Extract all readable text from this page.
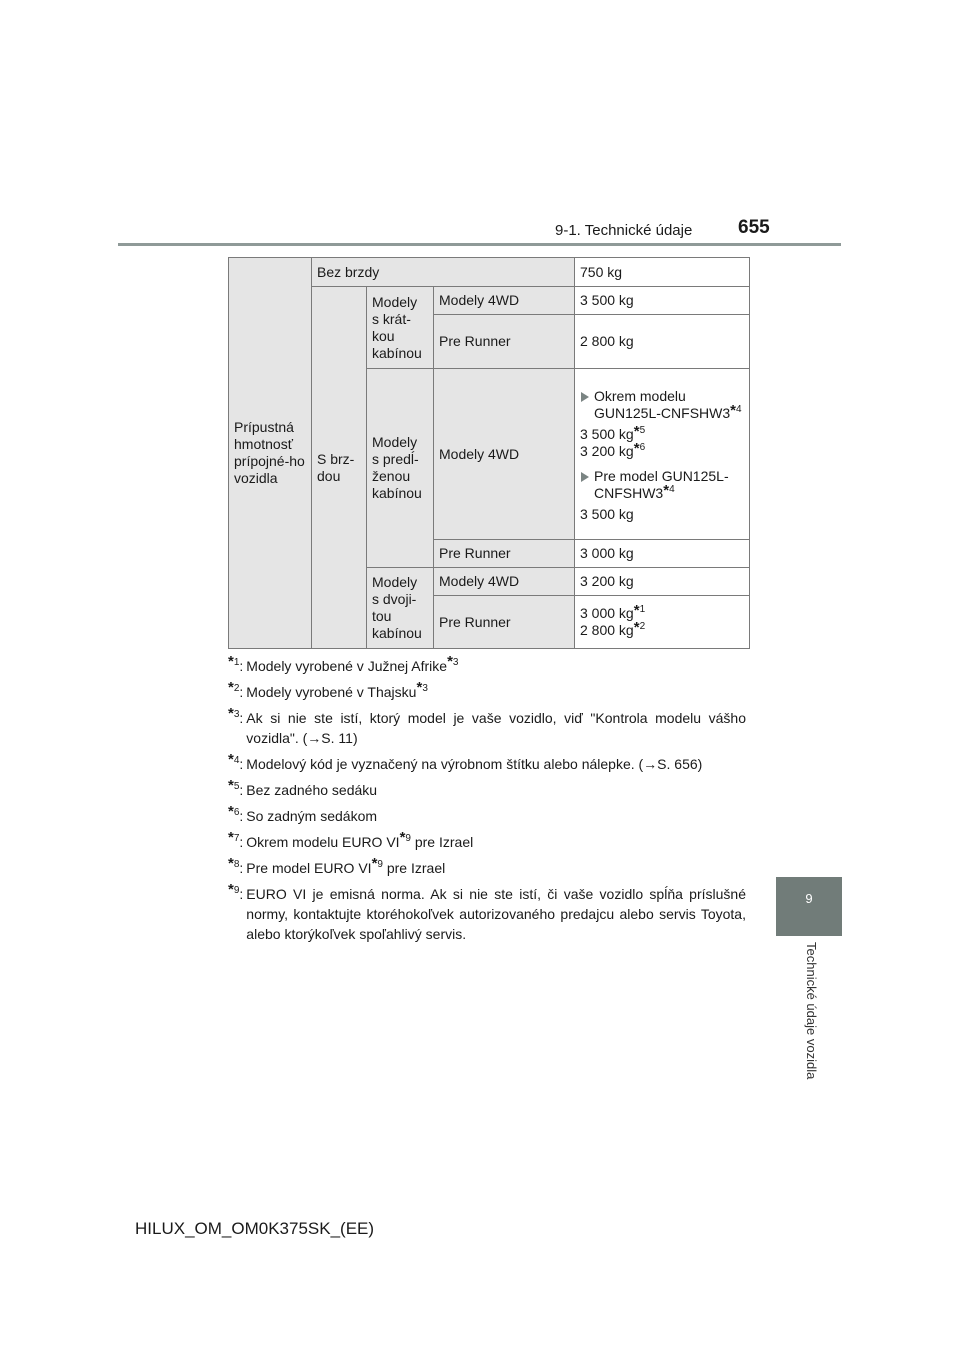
9-1. Technické údaje 655
9
Technické údaje vozidla
Prípustná hmotnosť prípojné-ho vozidla	Bez brzdy			750 kg
	S brz-dou	Modely s krát-kou kabínou	Modely 4WD	3 500 kg
			Pre Runner	2 800 kg
		Modely s predĺ-ženou kabínou	Modely 4WD	Okrem modelu GUN125L-CNFSHW3*$^4$

3 500 kg*$^5$

3 200 kg*$^6$

Pre model GUN125L-CNFSHW3*$^4$

3 500 kg

			Pre Runner	3 000 kg
		Modely s dvoji-tou kabínou	Modely 4WD	3 200 kg
			Pre Runner	3 000 kg*$^1$
2 800 kg*$^2$
*$^1$: Modely vyrobené v Južnej Afrike*$^3$
*$^2$: Modely vyrobené v Thajsku*$^3$
*$^3$: Ak si nie ste istí, ktorý model je vaše vozidlo, viď "Kontrola modelu vášho vozidla". (→S. 11)
*$^4$: Modelový kód je vyznačený na výrobnom štítku alebo nálepke. (→S. 656)
*$^5$: Bez zadného sedáku
*$^6$: So zadným sedákom
*$^7$: Okrem modelu EURO VI*$^9$ pre Izrael
*$^8$: Pre model EURO VI*$^9$ pre Izrael
*$^9$: EURO VI je emisná norma. Ak si nie ste istí, či vaše vozidlo spĺňa príslušné normy, kontaktujte ktoréhokoľvek autorizovaného predajcu alebo servis Toyota, alebo ktorýkoľvek spoľahlivý servis.
HILUX_OM_OM0K375SK_(EE)
